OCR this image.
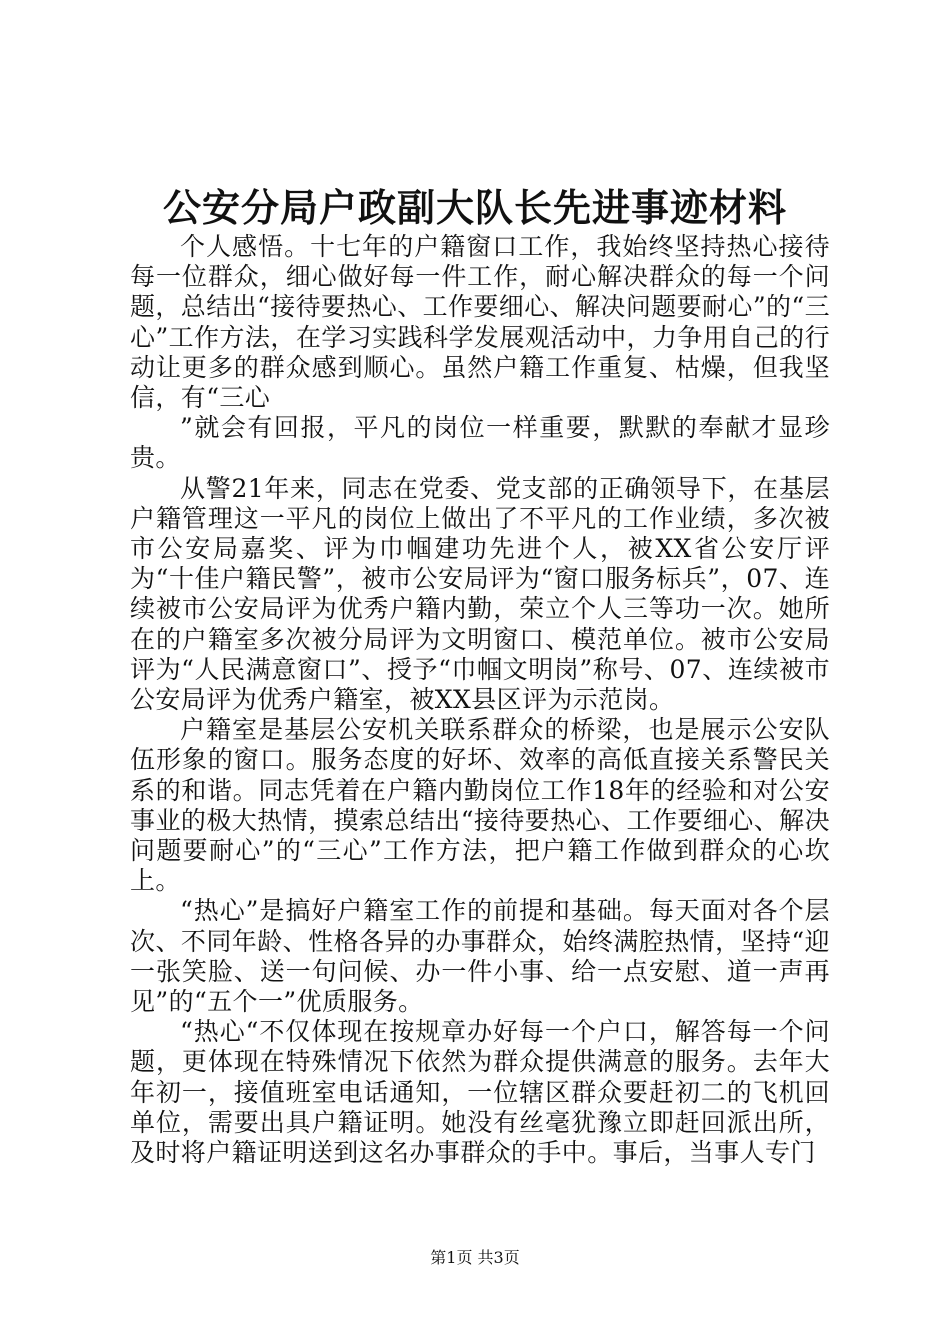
公安分局户政副大队长先进事迹材料

个人感悟。十七年的户籍窗口工作，我始终坚持热心接待每一位群众，细心做好每一件工作，耐心解决群众的每一个问题，总结出“接待要热心、工作要细心、解决问题要耐心”的“三心”工作方法，在学习实践科学发展观活动中，力争用自己的行动让更多的群众感到顺心。虽然户籍工作重复、枯燥，但我坚信，有“三心

”就会有回报，平凡的岗位一样重要，默默的奉献才显珍贵。

从警21年来，同志在党委、党支部的正确领导下，在基层户籍管理这一平凡的岗位上做出了不平凡的工作业绩，多次被市公安局嘉奖、评为巾帼建功先进个人，被XX省公安厅评为“十佳户籍民警”，被市公安局评为“窗口服务标兵”，07、连续被市公安局评为优秀户籍内勤，荣立个人三等功一次。她所在的户籍室多次被分局评为文明窗口、模范单位。被市公安局评为“人民满意窗口”、授予“巾帼文明岗”称号、07、连续被市公安局评为优秀户籍室，被XX县区评为示范岗。

户籍室是基层公安机关联系群众的桥梁，也是展示公安队伍形象的窗口。服务态度的好坏、效率的高低直接关系警民关系的和谐。同志凭着在户籍内勤岗位工作18年的经验和对公安事业的极大热情，摸索总结出“接待要热心、工作要细心、解决问题要耐心”的“三心”工作方法，把户籍工作做到群众的心坎上。

“热心”是搞好户籍室工作的前提和基础。每天面对各个层次、不同年龄、性格各异的办事群众，始终满腔热情，坚持“迎一张笑脸、送一句问候、办一件小事、给一点安慰、道一声再见”的“五个一”优质服务。

“热心“不仅体现在按规章办好每一个户口，解答每一个问题，更体现在特殊情况下依然为群众提供满意的服务。去年大年初一，接值班室电话通知，一位辖区群众要赶初二的飞机回单位，需要出具户籍证明。她没有丝毫犹豫立即赶回派出所，及时将户籍证明送到这名办事群众的手中。事后，当事人专门

第1页 共3页
